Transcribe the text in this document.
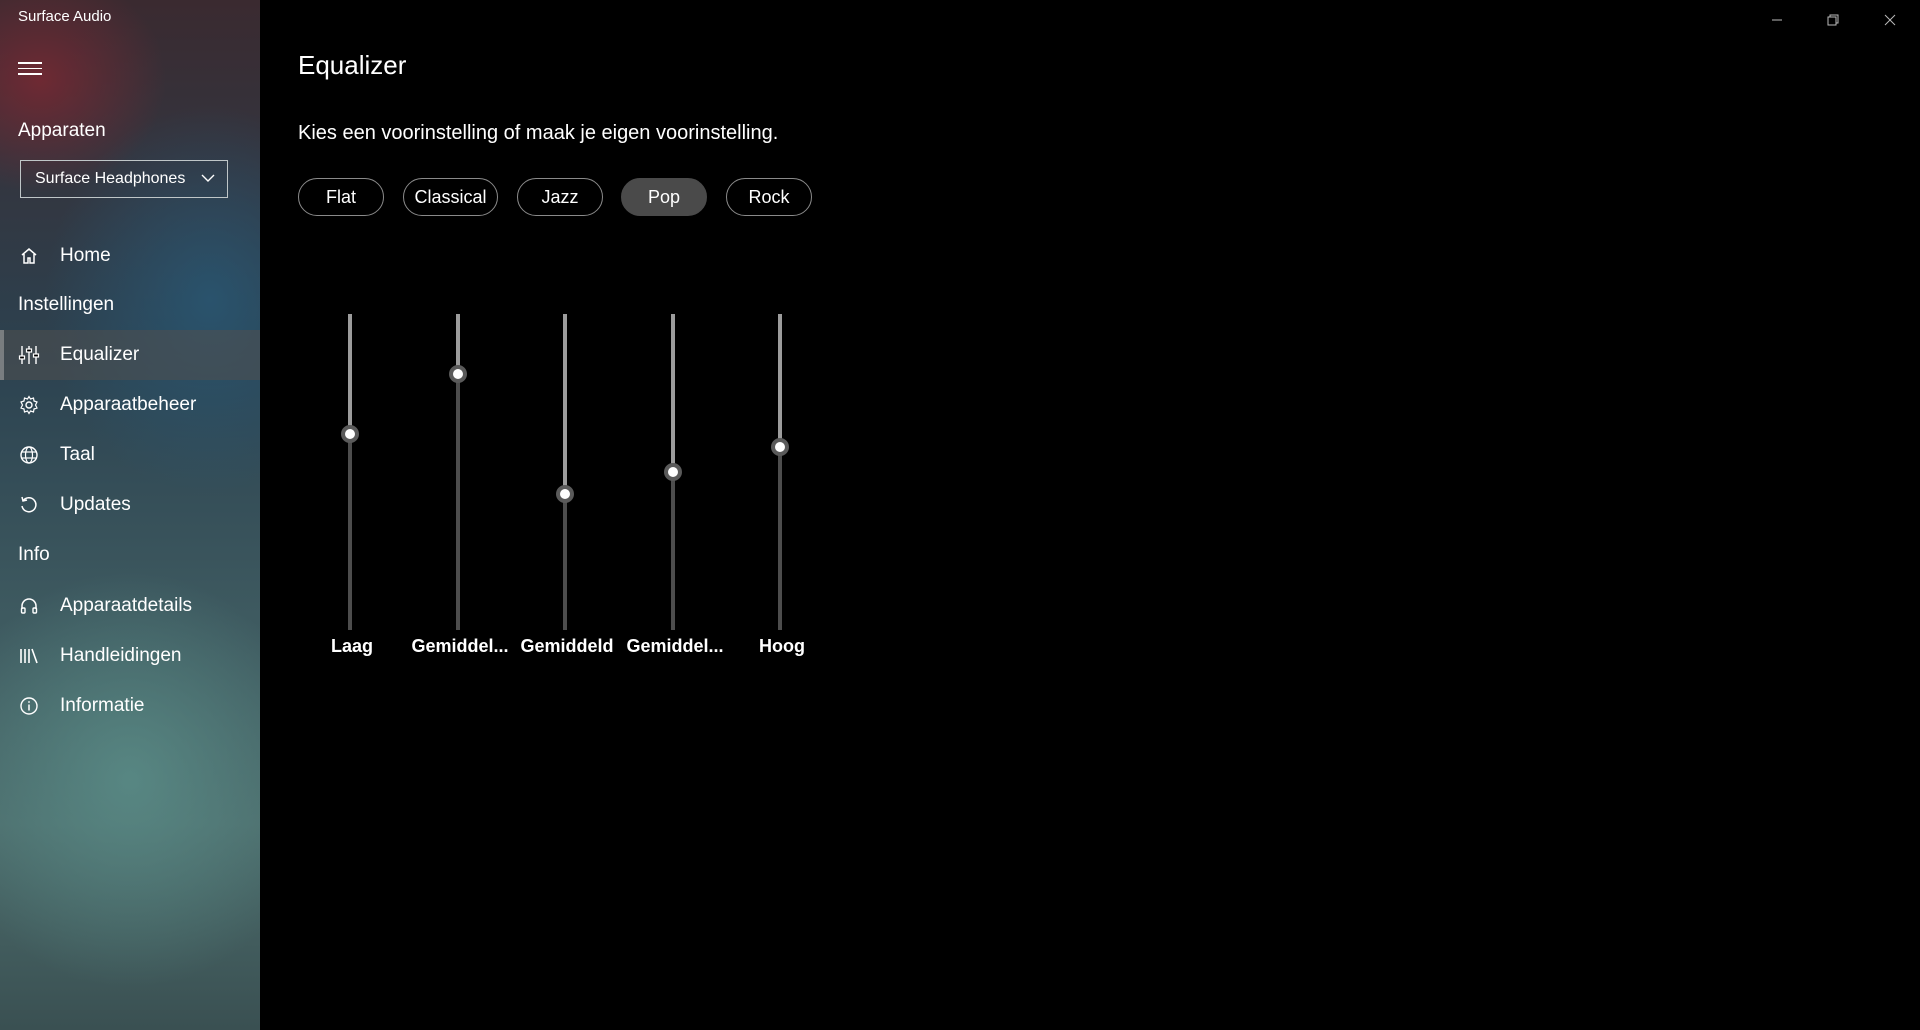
Surface Audio
Apparaten
Surface Headphones
Home
Instellingen
Equalizer
Apparaatbeheer
Taal
Updates
Info
Apparaatdetails
Handleidingen
Informatie
Equalizer
Kies een voorinstelling of maak je eigen voorinstelling.
Flat	Classical	Jazz	Pop	Rock
Laag	Gemiddel... Gemiddeld Gemiddel...	Hoog
